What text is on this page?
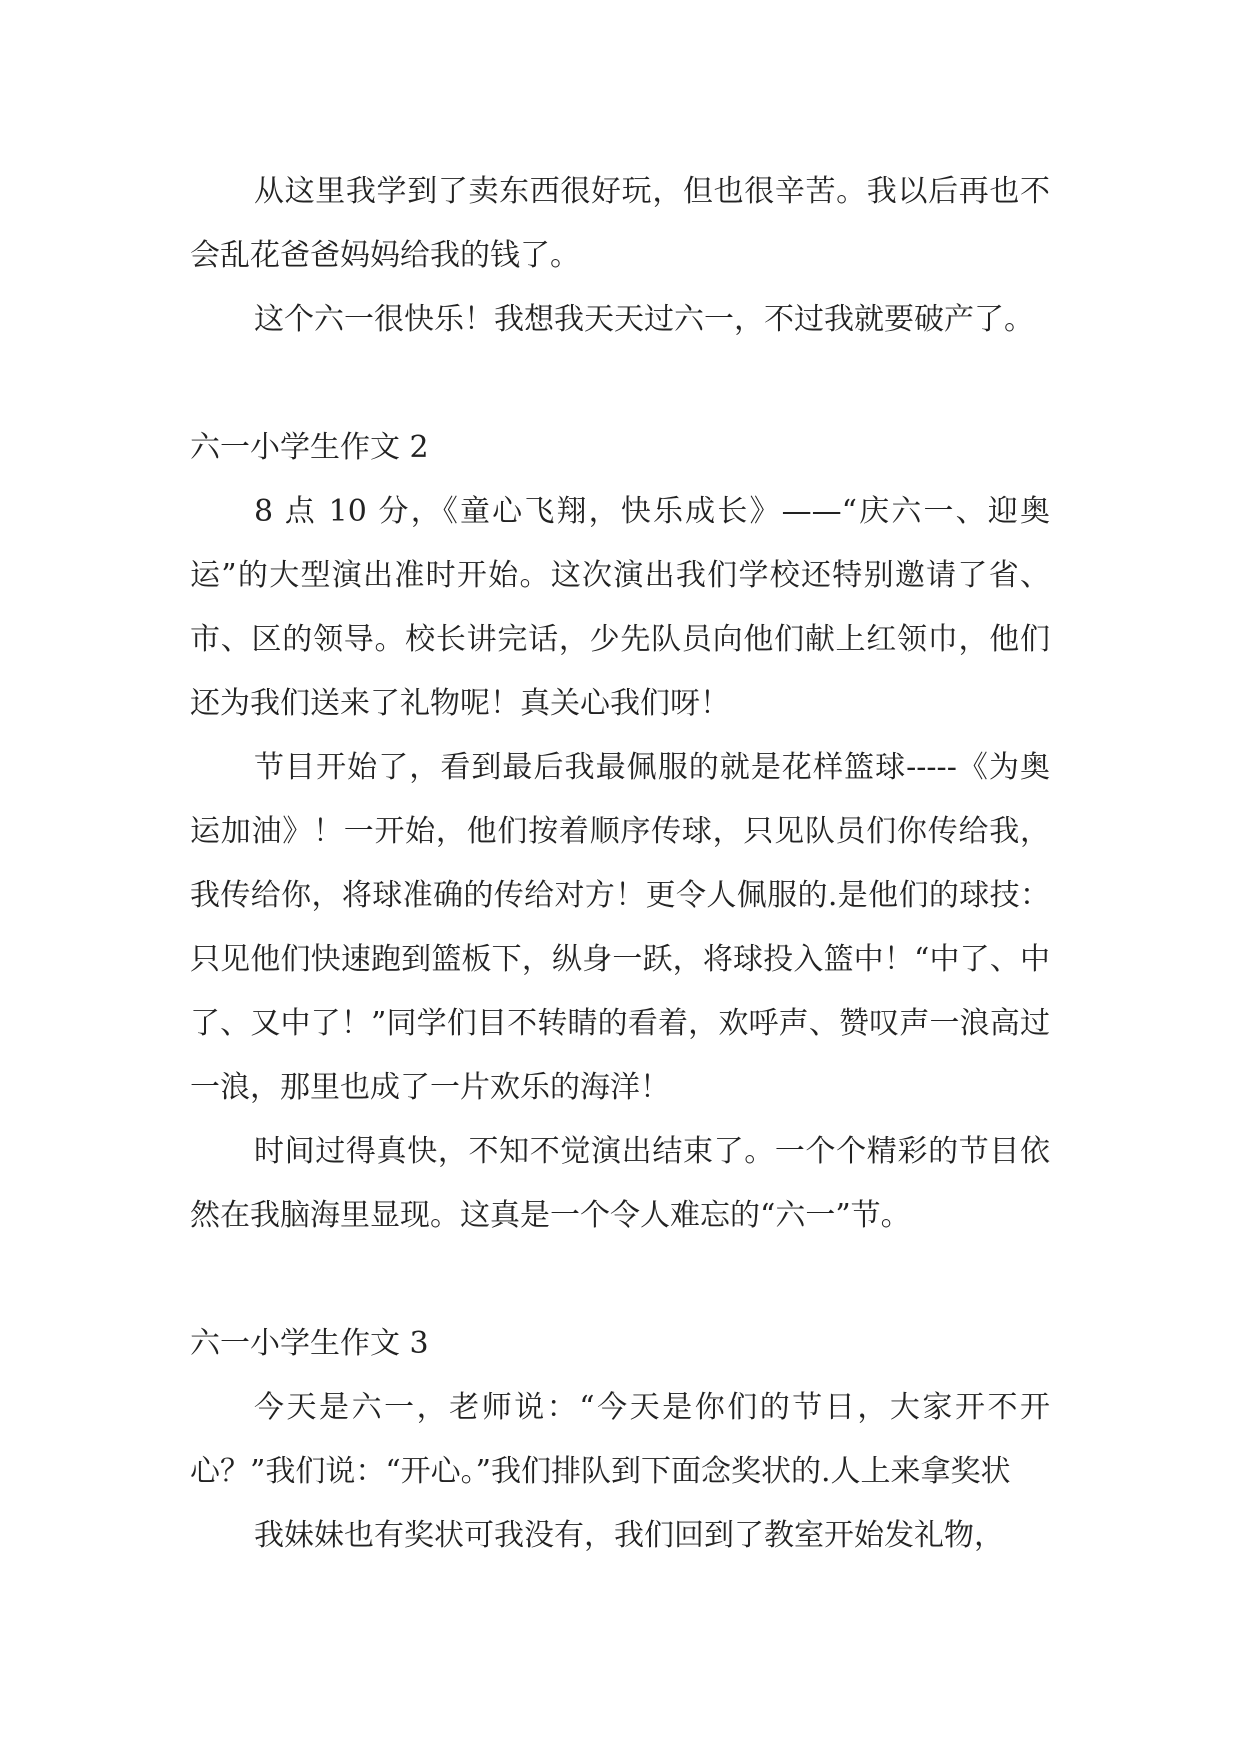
从这里我学到了卖东西很好玩，但也很辛苦。我以后再也不会乱花爸爸妈妈给我的钱了。

这个六一很快乐！我想我天天过六一，不过我就要破产了。

六一小学生作文 2

8 点 10 分，《童心飞翔，快乐成长》——“庆六一、迎奥运”的大型演出准时开始。这次演出我们学校还特别邀请了省、市、区的领导。校长讲完话，少先队员向他们献上红领巾，他们还为我们送来了礼物呢！真关心我们呀！

节目开始了，看到最后我最佩服的就是花样篮球-----《为奥运加油》！一开始，他们按着顺序传球，只见队员们你传给我，我传给你，将球准确的传给对方！更令人佩服的.是他们的球技：只见他们快速跑到篮板下，纵身一跃，将球投入篮中！“中了、中了、又中了！”同学们目不转睛的看着，欢呼声、赞叹声一浪高过一浪，那里也成了一片欢乐的海洋！

时间过得真快，不知不觉演出结束了。一个个精彩的节目依然在我脑海里显现。这真是一个令人难忘的“六一”节。

六一小学生作文 3

今天是六一，老师说：“今天是你们的节日，大家开不开心？”我们说：“开心。”我们排队到下面念奖状的.人上来拿奖状

我妹妹也有奖状可我没有，我们回到了教室开始发礼物，
